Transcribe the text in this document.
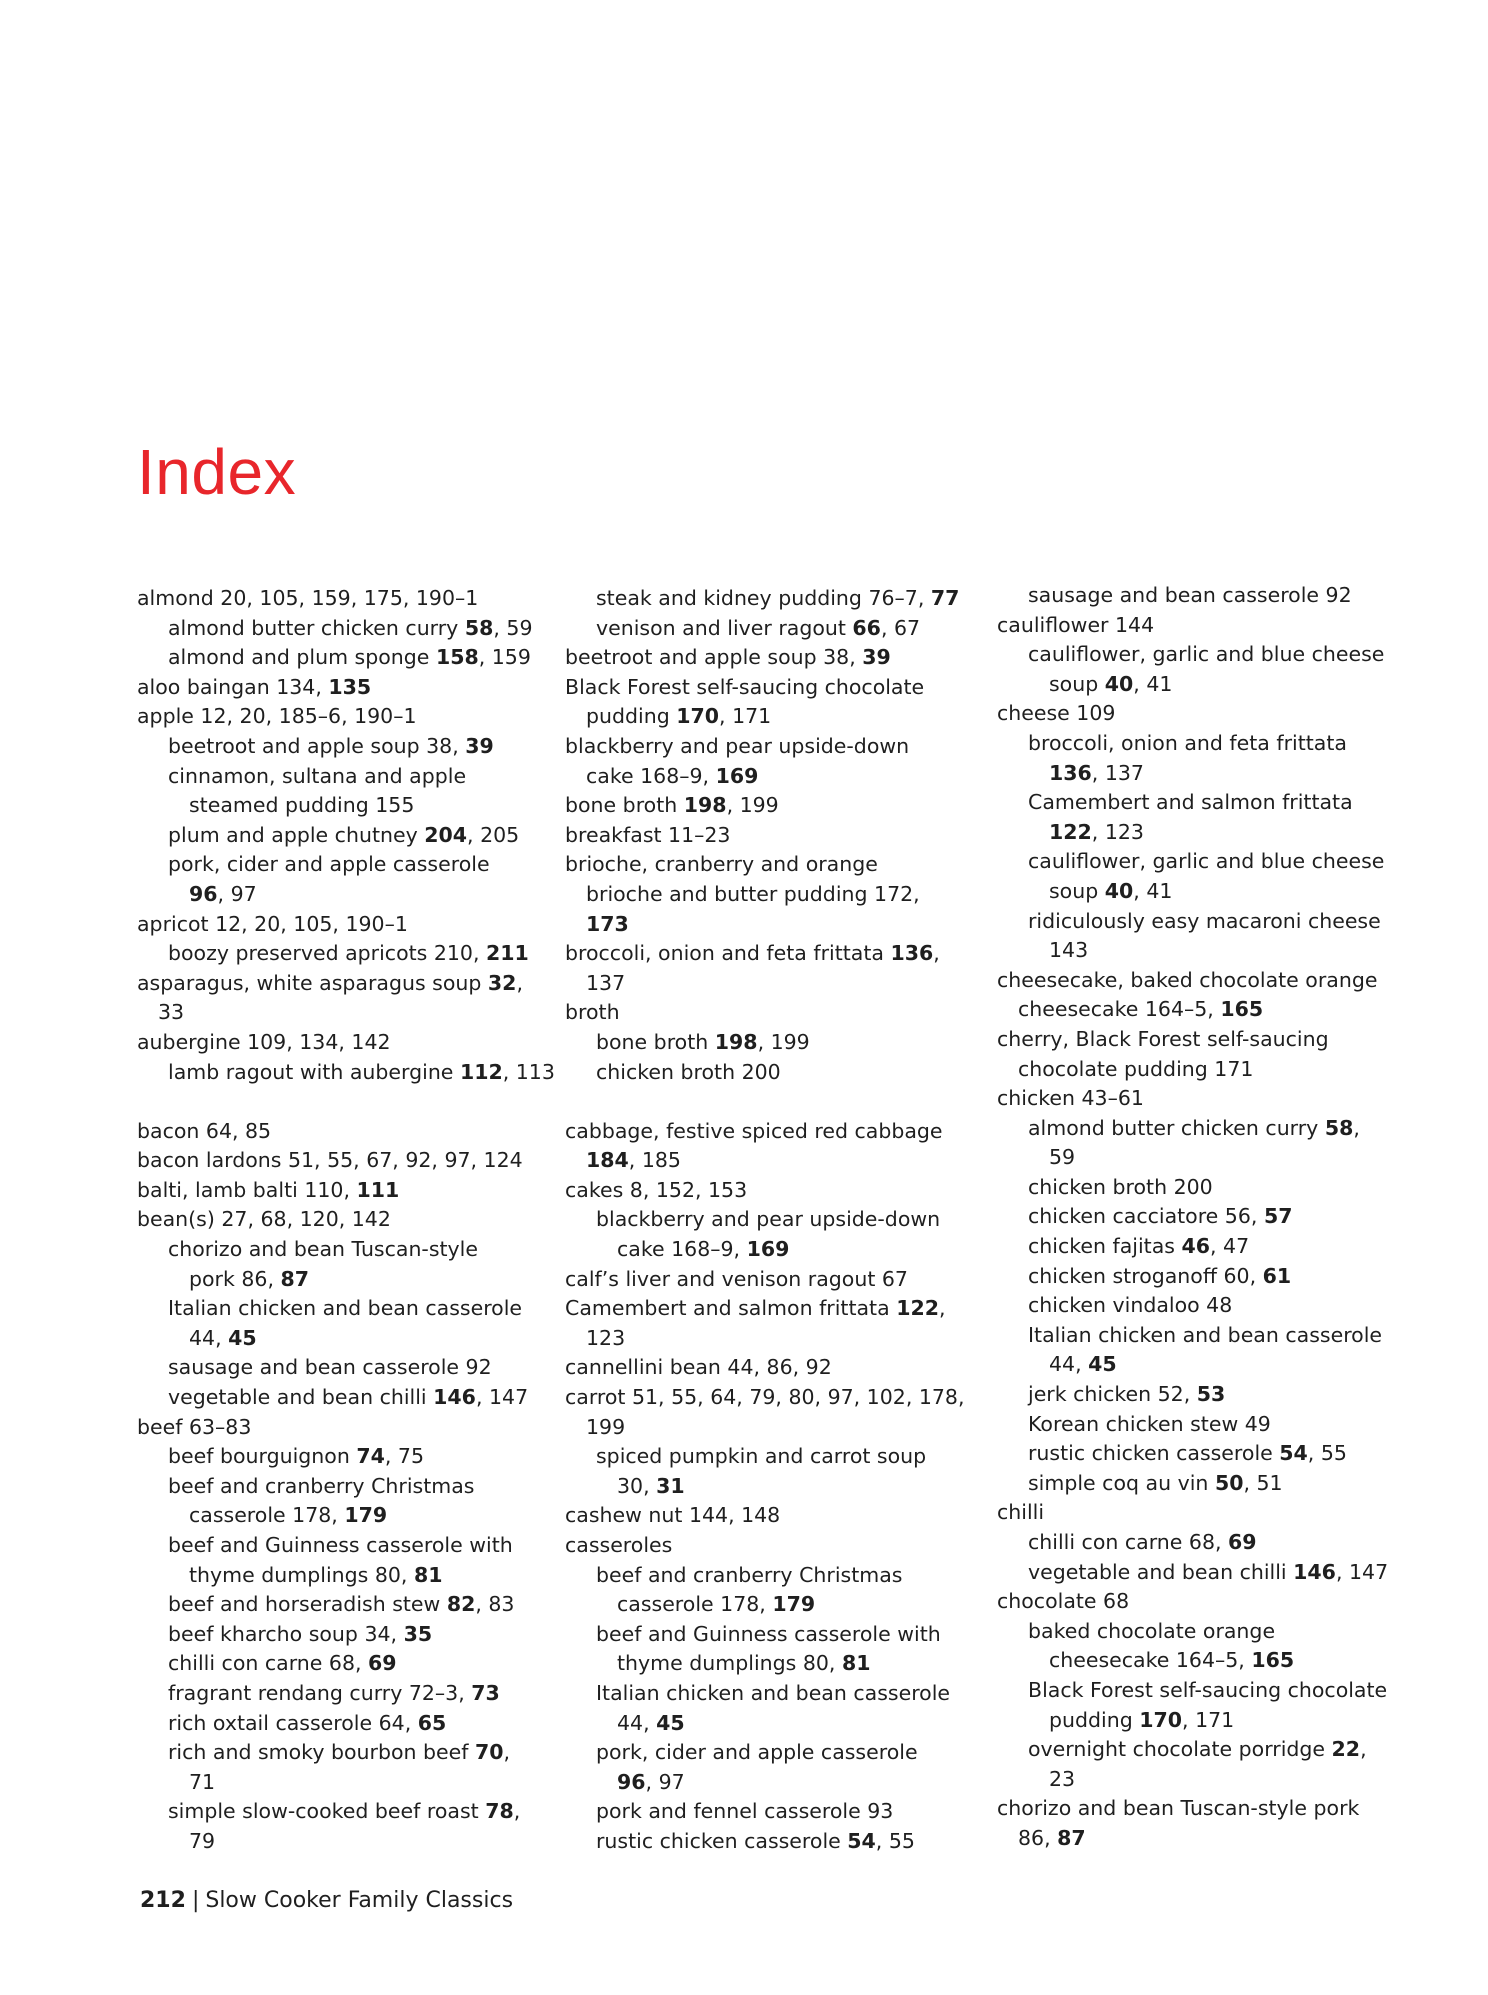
Index
almond 20, 105, 159, 175, 190–1
almond butter chicken curry 58, 59
almond and plum sponge 158, 159
aloo baingan 134, 135
apple 12, 20, 185–6, 190–1
beetroot and apple soup 38, 39
cinnamon, sultana and apple
steamed pudding 155
plum and apple chutney 204, 205
pork, cider and apple casserole
96, 97
apricot 12, 20, 105, 190–1
boozy preserved apricots 210, 211
asparagus, white asparagus soup 32,
33
aubergine 109, 134, 142
lamb ragout with aubergine 112, 113
bacon 64, 85
bacon lardons 51, 55, 67, 92, 97, 124
balti, lamb balti 110, 111
bean(s) 27, 68, 120, 142
chorizo and bean Tuscan-style
pork 86, 87
Italian chicken and bean casserole
44, 45
sausage and bean casserole 92
vegetable and bean chilli 146, 147
beef 63–83
beef bourguignon 74, 75
beef and cranberry Christmas
casserole 178, 179
beef and Guinness casserole with
thyme dumplings 80, 81
beef and horseradish stew 82, 83
beef kharcho soup 34, 35
chilli con carne 68, 69
fragrant rendang curry 72–3, 73
rich oxtail casserole 64, 65
rich and smoky bourbon beef 70,
71
simple slow-cooked beef roast 78,
79
steak and kidney pudding 76–7, 77
venison and liver ragout 66, 67
beetroot and apple soup 38, 39
Black Forest self-saucing chocolate
pudding 170, 171
blackberry and pear upside-down
cake 168–9, 169
bone broth 198, 199
breakfast 11–23
brioche, cranberry and orange
brioche and butter pudding 172,
173
broccoli, onion and feta frittata 136,
137
broth
bone broth 198, 199
chicken broth 200
cabbage, festive spiced red cabbage
184, 185
cakes 8, 152, 153
blackberry and pear upside-down
cake 168–9, 169
calf’s liver and venison ragout 67
Camembert and salmon frittata 122,
123
cannellini bean 44, 86, 92
carrot 51, 55, 64, 79, 80, 97, 102, 178,
199
spiced pumpkin and carrot soup
30, 31
cashew nut 144, 148
casseroles
beef and cranberry Christmas
casserole 178, 179
beef and Guinness casserole with
thyme dumplings 80, 81
Italian chicken and bean casserole
44, 45
pork, cider and apple casserole
96, 97
pork and fennel casserole 93
rustic chicken casserole 54, 55
sausage and bean casserole 92
cauliflower 144
cauliflower, garlic and blue cheese
soup 40, 41
cheese 109
broccoli, onion and feta frittata
136, 137
Camembert and salmon frittata
122, 123
cauliflower, garlic and blue cheese
soup 40, 41
ridiculously easy macaroni cheese
143
cheesecake, baked chocolate orange
cheesecake 164–5, 165
cherry, Black Forest self-saucing
chocolate pudding 171
chicken 43–61
almond butter chicken curry 58,
59
chicken broth 200
chicken cacciatore 56, 57
chicken fajitas 46, 47
chicken stroganoff 60, 61
chicken vindaloo 48
Italian chicken and bean casserole
44, 45
jerk chicken 52, 53
Korean chicken stew 49
rustic chicken casserole 54, 55
simple coq au vin 50, 51
chilli
chilli con carne 68, 69
vegetable and bean chilli 146, 147
chocolate 68
baked chocolate orange
cheesecake 164–5, 165
Black Forest self-saucing chocolate
pudding 170, 171
overnight chocolate porridge 22,
23
chorizo and bean Tuscan-style pork
86, 87
212 | Slow Cooker Family Classics
